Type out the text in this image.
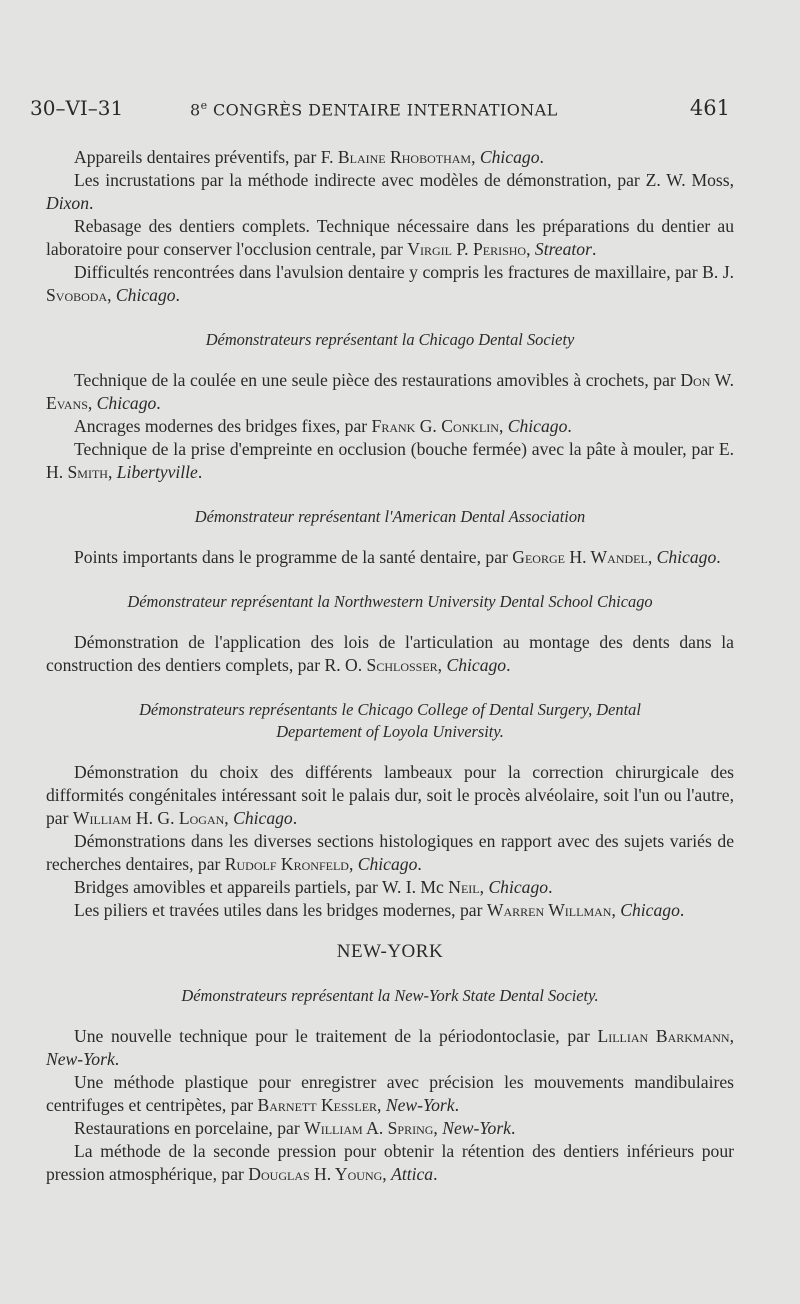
30–VI–31	8e CONGRÈS DENTAIRE INTERNATIONAL	461

Appareils dentaires préventifs, par F. Blaine Rhobotham, Chicago.

Les incrustations par la méthode indirecte avec modèles de démonstration, par Z. W. Moss, Dixon.

Rebasage des dentiers complets. Technique nécessaire dans les préparations du dentier au laboratoire pour conserver l'occlusion centrale, par Virgil P. Perisho, Streator.

Difficultés rencontrées dans l'avulsion dentaire y compris les fractures de maxillaire, par B. J. Svoboda, Chicago.

Démonstrateurs représentant la Chicago Dental Society

Technique de la coulée en une seule pièce des restaurations amovibles à crochets, par Don W. Evans, Chicago.

Ancrages modernes des bridges fixes, par Frank G. Conklin, Chicago.

Technique de la prise d'empreinte en occlusion (bouche fermée) avec la pâte à mouler, par E. H. Smith, Libertyville.

Démonstrateur représentant l'American Dental Association

Points importants dans le programme de la santé dentaire, par George H. Wandel, Chicago.

Démonstrateur représentant la Northwestern University Dental School Chicago

Démonstration de l'application des lois de l'articulation au montage des dents dans la construction des dentiers complets, par R. O. Schlosser, Chicago.

Démonstrateurs représentants le Chicago College of Dental Surgery, Dental
Departement of Loyola University.

Démonstration du choix des différents lambeaux pour la correction chirurgicale des difformités congénitales intéressant soit le palais dur, soit le procès alvéolaire, soit l'un ou l'autre, par William H. G. Logan, Chicago.

Démonstrations dans les diverses sections histologiques en rapport avec des sujets variés de recherches dentaires, par Rudolf Kronfeld, Chicago.

Bridges amovibles et appareils partiels, par W. I. Mc Neil, Chicago.

Les piliers et travées utiles dans les bridges modernes, par Warren Willman, Chicago.

NEW-YORK
Démonstrateurs représentant la New-York State Dental Society.

Une nouvelle technique pour le traitement de la périodontoclasie, par Lillian Barkmann, New-York.

Une méthode plastique pour enregistrer avec précision les mouvements mandibulaires centrifuges et centripètes, par Barnett Kessler, New-York.

Restaurations en porcelaine, par William A. Spring, New-York.

La méthode de la seconde pression pour obtenir la rétention des dentiers inférieurs pour pression atmosphérique, par Douglas H. Young, Attica.
